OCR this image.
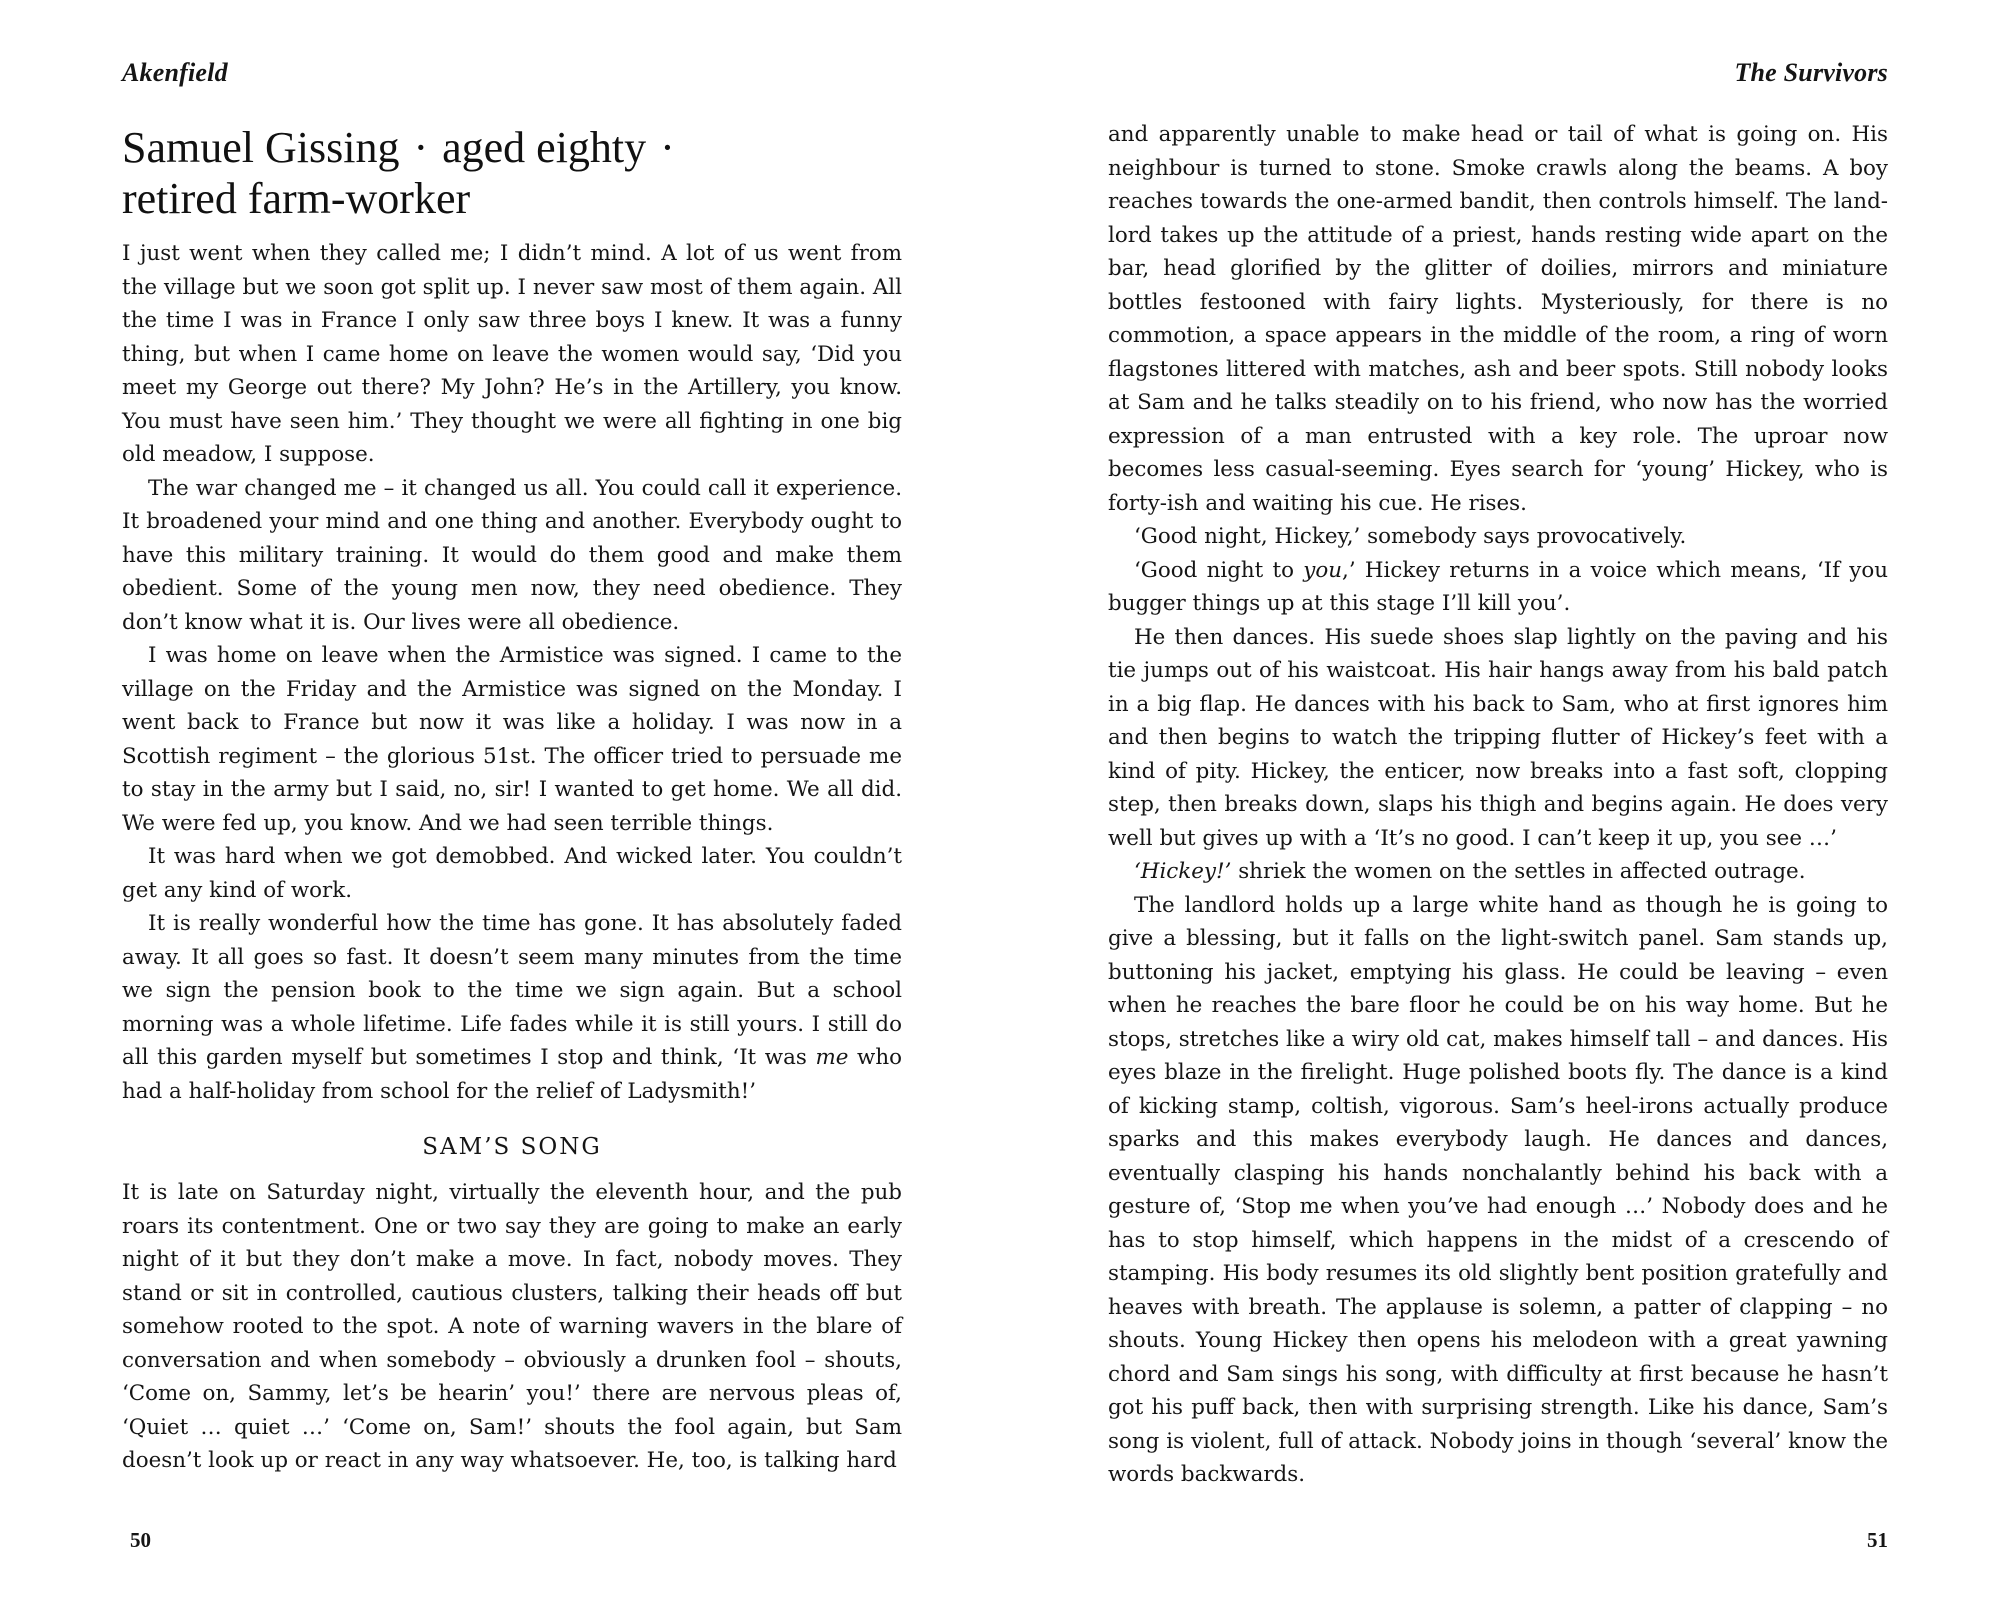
Akenfield
Samuel Gissing · aged eighty ·
retired farm-worker

I just went when they called me; I didn’t mind. A lot of us went from the village but we soon got split up. I never saw most of them again. All the time I was in France I only saw three boys I knew. It was a funny thing, but when I came home on leave the women would say, ‘Did you meet my George out there? My John? He’s in the Artillery, you know. You must have seen him.’ They thought we were all fighting in one big old meadow, I suppose.

The war changed me – it changed us all. You could call it experience. It broadened your mind and one thing and another. Everybody ought to have this military training. It would do them good and make them obedient. Some of the young men now, they need obedience. They don’t know what it is. Our lives were all obedience.

I was home on leave when the Armistice was signed. I came to the village on the Friday and the Armistice was signed on the Monday. I went back to France but now it was like a holiday. I was now in a Scottish regiment – the glorious 51st. The officer tried to persuade me to stay in the army but I said, no, sir! I wanted to get home. We all did. We were fed up, you know. And we had seen terrible things.

It was hard when we got demobbed. And wicked later. You couldn’t get any kind of work.

It is really wonderful how the time has gone. It has absolutely faded away. It all goes so fast. It doesn’t seem many minutes from the time we sign the pension book to the time we sign again. But a school morning was a whole lifetime. Life fades while it is still yours. I still do all this garden myself but sometimes I stop and think, ‘It was me who had a half-holiday from school for the relief of Ladysmith!’

SAM’S SONG

It is late on Saturday night, virtually the eleventh hour, and the pub roars its contentment. One or two say they are going to make an early night of it but they don’t make a move. In fact, nobody moves. They stand or sit in controlled, cautious clusters, talking their heads off but somehow rooted to the spot. A note of warning wavers in the blare of conversation and when somebody – obviously a drunken fool – shouts, ‘Come on, Sammy, let’s be hearin’ you!’ there are nervous pleas of, ‘Quiet … quiet …’ ‘Come on, Sam!’ shouts the fool again, but Sam doesn’t look up or react in any way whatsoever. He, too, is talking hard

50
The Survivors

and apparently unable to make head or tail of what is going on. His neighbour is turned to stone. Smoke crawls along the beams. A boy reaches towards the one-armed bandit, then controls himself. The landlord takes up the attitude of a priest, hands resting wide apart on the bar, head glorified by the glitter of doilies, mirrors and miniature bottles festooned with fairy lights. Mysteriously, for there is no commotion, a space appears in the middle of the room, a ring of worn flagstones littered with matches, ash and beer spots. Still nobody looks at Sam and he talks steadily on to his friend, who now has the worried expression of a man entrusted with a key role. The uproar now becomes less casual-seeming. Eyes search for ‘young’ Hickey, who is forty-ish and waiting his cue. He rises.

‘Good night, Hickey,’ somebody says provocatively.

‘Good night to you,’ Hickey returns in a voice which means, ‘If you bugger things up at this stage I’ll kill you’.

He then dances. His suede shoes slap lightly on the paving and his tie jumps out of his waistcoat. His hair hangs away from his bald patch in a big flap. He dances with his back to Sam, who at first ignores him and then begins to watch the tripping flutter of Hickey’s feet with a kind of pity. Hickey, the enticer, now breaks into a fast soft, clopping step, then breaks down, slaps his thigh and begins again. He does very well but gives up with a ‘It’s no good. I can’t keep it up, you see …’

‘Hickey!’ shriek the women on the settles in affected outrage.

The landlord holds up a large white hand as though he is going to give a blessing, but it falls on the light-switch panel. Sam stands up, buttoning his jacket, emptying his glass. He could be leaving – even when he reaches the bare floor he could be on his way home. But he stops, stretches like a wiry old cat, makes himself tall – and dances. His eyes blaze in the firelight. Huge polished boots fly. The dance is a kind of kicking stamp, coltish, vigorous. Sam’s heel-irons actually produce sparks and this makes everybody laugh. He dances and dances, eventually clasping his hands nonchalantly behind his back with a gesture of, ‘Stop me when you’ve had enough …’ Nobody does and he has to stop himself, which happens in the midst of a crescendo of stamping. His body resumes its old slightly bent position gratefully and heaves with breath. The applause is solemn, a patter of clapping – no shouts. Young Hickey then opens his melodeon with a great yawning chord and Sam sings his song, with difficulty at first because he hasn’t got his puff back, then with surprising strength. Like his dance, Sam’s song is violent, full of attack. Nobody joins in though ‘several’ know the words backwards.

51
